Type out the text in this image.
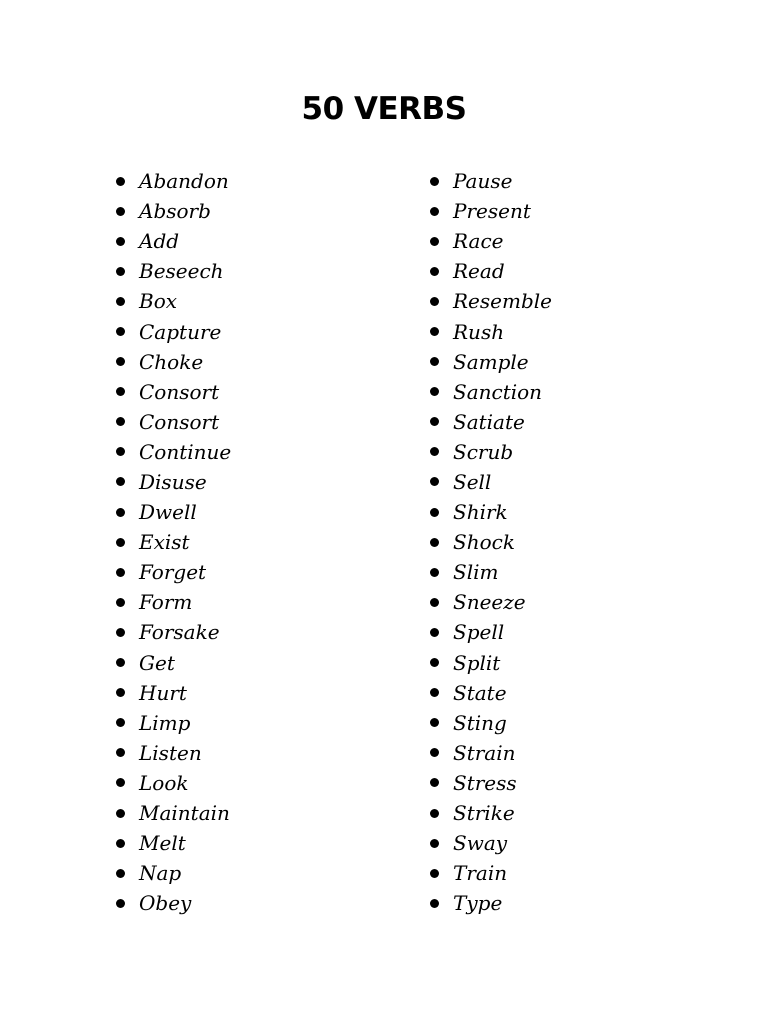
50 VERBS
Abandon
Absorb
Add
Beseech
Box
Capture
Choke
Consort
Consort
Continue
Disuse
Dwell
Exist
Forget
Form
Forsake
Get
Hurt
Limp
Listen
Look
Maintain
Melt
Nap
Obey
Pause
Present
Race
Read
Resemble
Rush
Sample
Sanction
Satiate
Scrub
Sell
Shirk
Shock
Slim
Sneeze
Spell
Split
State
Sting
Strain
Stress
Strike
Sway
Train
Type
